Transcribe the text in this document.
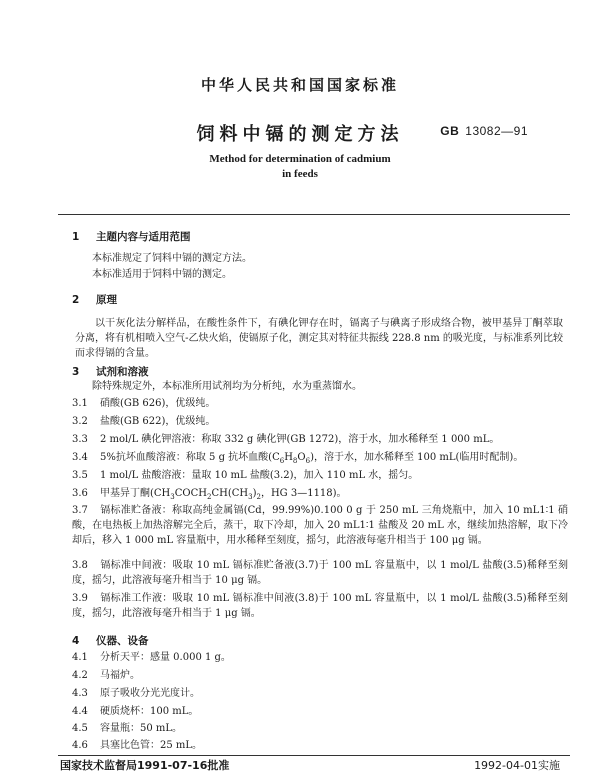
中华人民共和国国家标准
饲料中镉的测定方法	GB 13082—91
Method for determination of cadmium
in feeds
1 主题内容与适用范围
本标准规定了饲料中镉的测定方法。
本标准适用于饲料中镉的测定。
2 原理
以干灰化法分解样品，在酸性条件下，有碘化钾存在时，镉离子与碘离子形成络合物，被甲基异丁酮萃取分离，将有机相喷入空气-乙炔火焰，使镉原子化，测定其对特征共振线 228.8 nm 的吸光度，与标准系列比较而求得镉的含量。
3 试剂和溶液
除特殊规定外，本标准所用试剂均为分析纯，水为重蒸馏水。
3.1 硝酸(GB 626)，优级纯。
3.2 盐酸(GB 622)，优级纯。
3.3 2 mol/L 碘化钾溶液：称取 332 g 碘化钾(GB 1272)，溶于水，加水稀释至 1 000 mL。
3.4 5%抗坏血酸溶液：称取 5 g 抗坏血酸$(C_6H_8O_6)$，溶于水，加水稀释至 100 mL(临用时配制)。
3.5 1 mol/L 盐酸溶液：量取 10 mL 盐酸(3.2)，加入 110 mL 水，摇匀。
3.6 甲基异丁酮($CH_3COCH_2CH(CH_3)_2$，HG 3—1118)。
3.7 镉标准贮备液：称取高纯金属镉(Cd，99.99%)0.100 0 g 于 250 mL 三角烧瓶中，加入 10 mL1∶1 硝酸，在电热板上加热溶解完全后，蒸干，取下冷却，加入 20 mL1∶1 盐酸及 20 mL 水，继续加热溶解，取下冷却后，移入 1 000 mL 容量瓶中，用水稀释至刻度，摇匀，此溶液每毫升相当于 100 μg 镉。
3.8 镉标准中间液：吸取 10 mL 镉标准贮备液(3.7)于 100 mL 容量瓶中，以 1 mol/L 盐酸(3.5)稀释至刻度，摇匀，此溶液每毫升相当于 10 μg 镉。
3.9 镉标准工作液：吸取 10 mL 镉标准中间液(3.8)于 100 mL 容量瓶中，以 1 mol/L 盐酸(3.5)稀释至刻度，摇匀，此溶液每毫升相当于 1 μg 镉。
4 仪器、设备
4.1 分析天平：感量 0.000 1 g。
4.2 马福炉。
4.3 原子吸收分光光度计。
4.4 硬质烧杯：100 mL。
4.5 容量瓶：50 mL。
4.6 具塞比色管：25 mL。
国家技术监督局1991-07-16批准	1992-04-01实施
